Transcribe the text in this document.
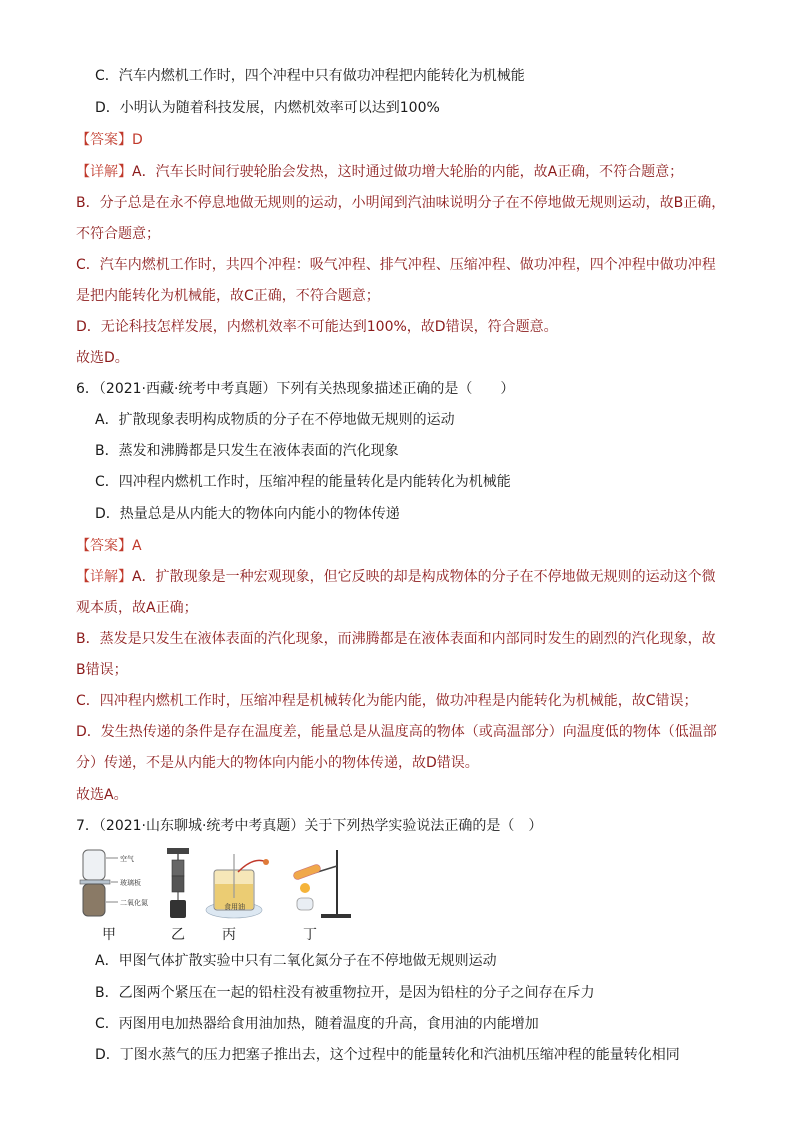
C．汽车内燃机工作时，四个冲程中只有做功冲程把内能转化为机械能
D．小明认为随着科技发展，内燃机效率可以达到100%
【答案】D
【详解】A．汽车长时间行驶轮胎会发热，这时通过做功增大轮胎的内能，故A正确，不符合题意；
B．分子总是在永不停息地做无规则的运动，小明闻到汽油味说明分子在不停地做无规则运动，故B正确，
不符合题意；
C．汽车内燃机工作时，共四个冲程：吸气冲程、排气冲程、压缩冲程、做功冲程，四个冲程中做功冲程
是把内能转化为机械能，故C正确，不符合题意；
D．无论科技怎样发展，内燃机效率不可能达到100%，故D错误，符合题意。
故选D。
6．（2021·西藏·统考中考真题）下列有关热现象描述正确的是（　　）
A．扩散现象表明构成物质的分子在不停地做无规则的运动
B．蒸发和沸腾都是只发生在液体表面的汽化现象
C．四冲程内燃机工作时，压缩冲程的能量转化是内能转化为机械能
D．热量总是从内能大的物体向内能小的物体传递
【答案】A
【详解】A．扩散现象是一种宏观现象，但它反映的却是构成物体的分子在不停地做无规则的运动这个微
观本质，故A正确；
B．蒸发是只发生在液体表面的汽化现象，而沸腾都是在液体表面和内部同时发生的剧烈的汽化现象，故
B错误；
C．四冲程内燃机工作时，压缩冲程是机械转化为能内能，做功冲程是内能转化为机械能，故C错误；
D．发生热传递的条件是存在温度差，能量总是从温度高的物体（或高温部分）向温度低的物体（低温部
分）传递，不是从内能大的物体向内能小的物体传递，故D错误。
故选A。
7．（2021·山东聊城·统考中考真题）关于下列热学实验说法正确的是（　）
空气
玻璃板
二氧化氮	食用油
甲	乙	丙	丁
A．甲图气体扩散实验中只有二氧化氮分子在不停地做无规则运动
B．乙图两个紧压在一起的铅柱没有被重物拉开，是因为铅柱的分子之间存在斥力
C．丙图用电加热器给食用油加热，随着温度的升高，食用油的内能增加
D．丁图水蒸气的压力把塞子推出去，这个过程中的能量转化和汽油机压缩冲程的能量转化相同
